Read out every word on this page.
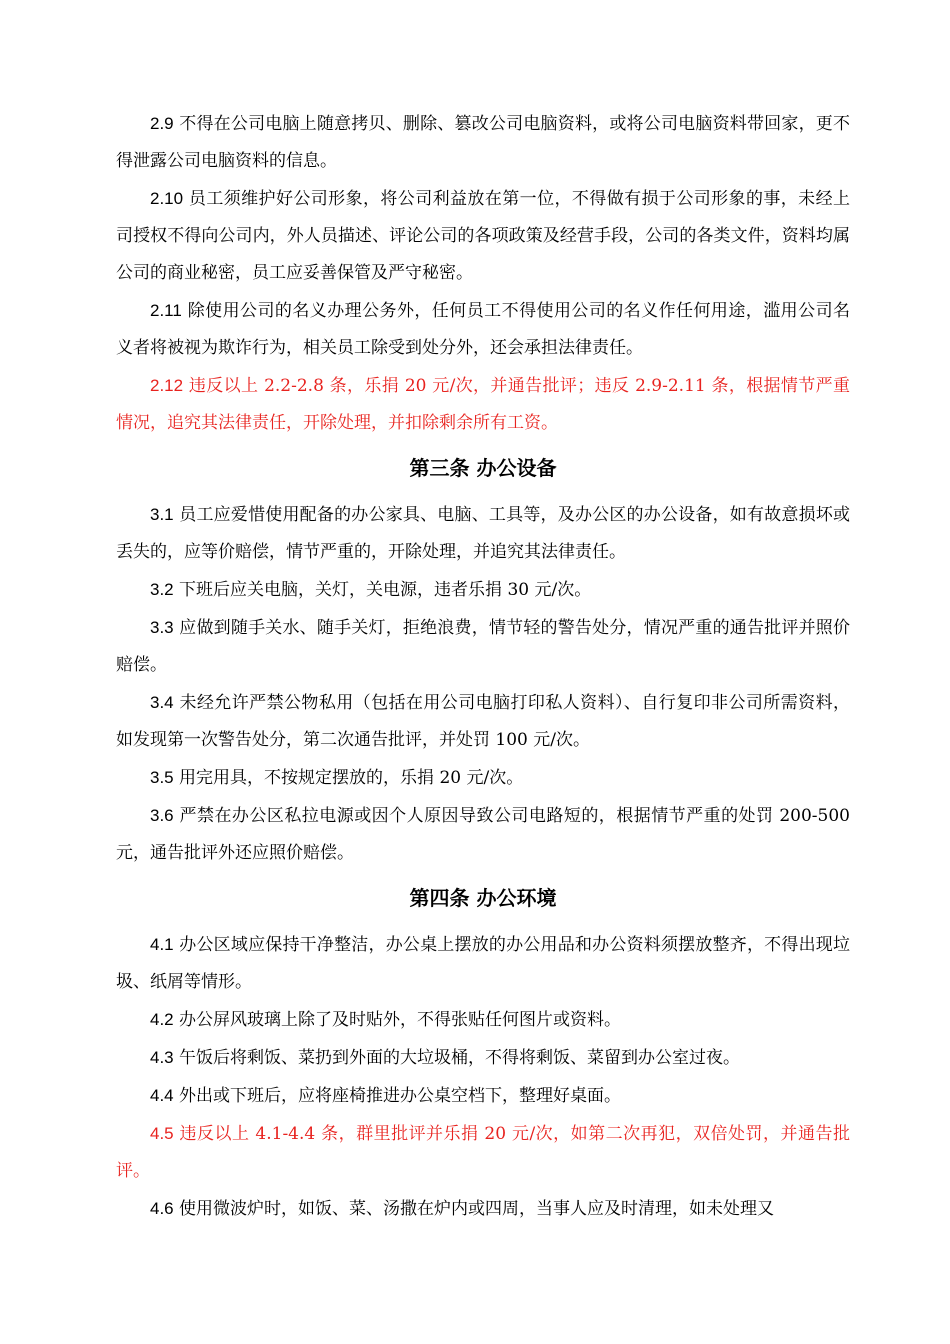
2.9 不得在公司电脑上随意拷贝、删除、篡改公司电脑资料，或将公司电脑资料带回家，更不得泄露公司电脑资料的信息。

2.10 员工须维护好公司形象，将公司利益放在第一位，不得做有损于公司形象的事，未经上司授权不得向公司内，外人员描述、评论公司的各项政策及经营手段，公司的各类文件，资料均属公司的商业秘密，员工应妥善保管及严守秘密。

2.11 除使用公司的名义办理公务外，任何员工不得使用公司的名义作任何用途，滥用公司名义者将被视为欺诈行为，相关员工除受到处分外，还会承担法律责任。

2.12 违反以上 2.2-2.8 条，乐捐 20 元/次，并通告批评；违反 2.9-2.11 条，根据情节严重情况，追究其法律责任，开除处理，并扣除剩余所有工资。

第三条 办公设备

3.1 员工应爱惜使用配备的办公家具、电脑、工具等，及办公区的办公设备，如有故意损坏或丢失的，应等价赔偿，情节严重的，开除处理，并追究其法律责任。

3.2 下班后应关电脑，关灯，关电源，违者乐捐 30 元/次。

3.3 应做到随手关水、随手关灯，拒绝浪费，情节轻的警告处分，情况严重的通告批评并照价赔偿。

3.4 未经允许严禁公物私用（包括在用公司电脑打印私人资料）、自行复印非公司所需资料，如发现第一次警告处分，第二次通告批评，并处罚 100 元/次。

3.5 用完用具，不按规定摆放的，乐捐 20 元/次。

3.6 严禁在办公区私拉电源或因个人原因导致公司电路短的，根据情节严重的处罚 200-500 元，通告批评外还应照价赔偿。

第四条 办公环境

4.1 办公区域应保持干净整洁，办公桌上摆放的办公用品和办公资料须摆放整齐，不得出现垃圾、纸屑等情形。

4.2 办公屏风玻璃上除了及时贴外，不得张贴任何图片或资料。

4.3 午饭后将剩饭、菜扔到外面的大垃圾桶，不得将剩饭、菜留到办公室过夜。

4.4 外出或下班后，应将座椅推进办公桌空档下，整理好桌面。

4.5 违反以上 4.1-4.4 条，群里批评并乐捐 20 元/次，如第二次再犯，双倍处罚，并通告批评。

4.6 使用微波炉时，如饭、菜、汤撒在炉内或四周，当事人应及时清理，如未处理又
